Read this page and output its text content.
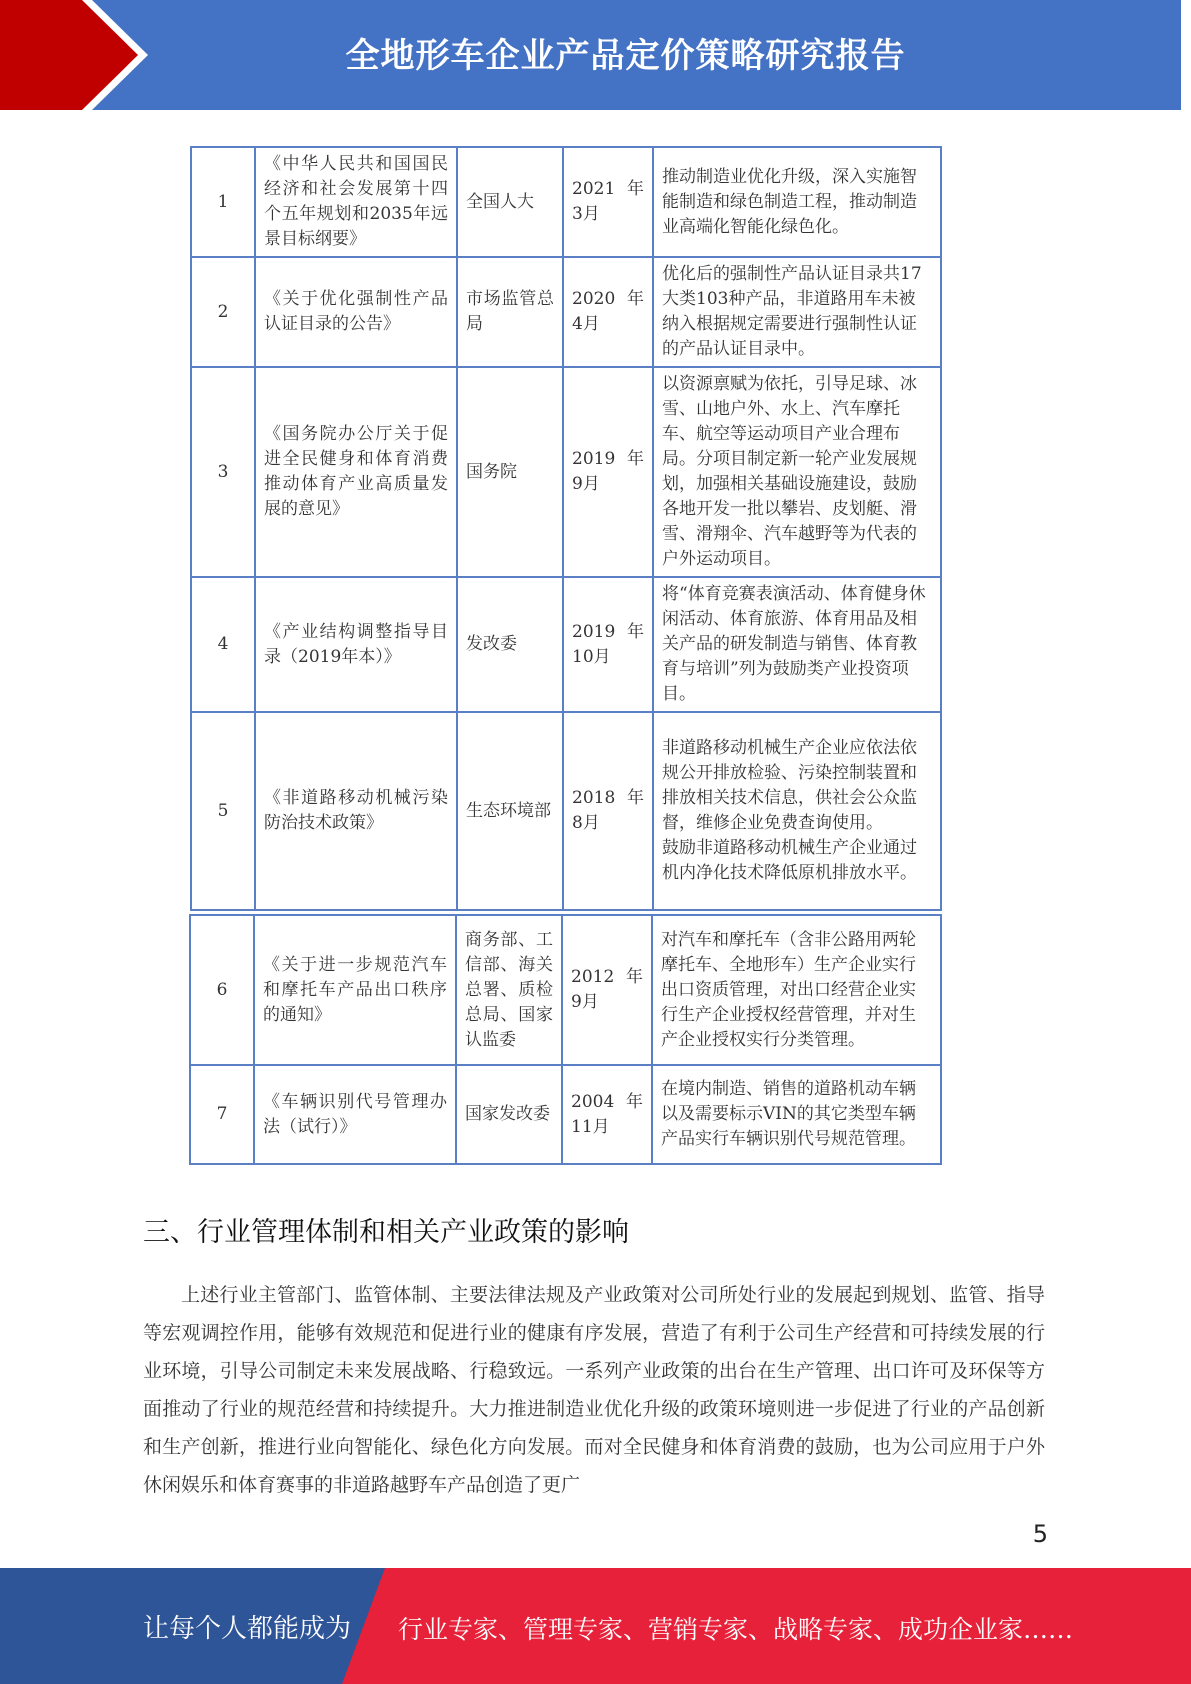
全地形车企业产品定价策略研究报告
1	《中华人民共和国国民经济和社会发展第十四个五年规划和2035年远景目标纲要》	全国人大	2021 年 3月	推动制造业优化升级，深入实施智能制造和绿色制造工程，推动制造业高端化智能化绿色化。
2	《关于优化强制性产品认证目录的公告》	市场监管总局	2020 年 4月	优化后的强制性产品认证目录共17大类103种产品，非道路用车未被纳入根据规定需要进行强制性认证的产品认证目录中。
3	《国务院办公厅关于促进全民健身和体育消费推动体育产业高质量发展的意见》	国务院	2019 年 9月	以资源禀赋为依托，引导足球、冰雪、山地户外、水上、汽车摩托车、航空等运动项目产业合理布局。分项目制定新一轮产业发展规划，加强相关基础设施建设，鼓励各地开发一批以攀岩、皮划艇、滑雪、滑翔伞、汽车越野等为代表的户外运动项目。
4	《产业结构调整指导目录（2019年本）》	发改委	2019 年 10月	将“体育竞赛表演活动、体育健身休闲活动、体育旅游、体育用品及相关产品的研发制造与销售、体育教育与培训”列为鼓励类产业投资项目。
5	《非道路移动机械污染防治技术政策》	生态环境部	2018 年 8月	非道路移动机械生产企业应依法依规公开排放检验、污染控制装置和排放相关技术信息，供社会公众监督，维修企业免费查询使用。
鼓励非道路移动机械生产企业通过机内净化技术降低原机排放水平。
6	《关于进一步规范汽车和摩托车产品出口秩序的通知》	商务部、工信部、海关总署、质检总局、国家认监委	2012 年 9月	对汽车和摩托车（含非公路用两轮摩托车、全地形车）生产企业实行出口资质管理，对出口经营企业实行生产企业授权经营管理，并对生产企业授权实行分类管理。
7	《车辆识别代号管理办法（试行）》	国家发改委	2004 年 11月	在境内制造、销售的道路机动车辆以及需要标示VIN的其它类型车辆产品实行车辆识别代号规范管理。
三、行业管理体制和相关产业政策的影响
上述行业主管部门、监管体制、主要法律法规及产业政策对公司所处行业的发展起到规划、监管、指导等宏观调控作用，能够有效规范和促进行业的健康有序发展，营造了有利于公司生产经营和可持续发展的行业环境，引导公司制定未来发展战略、行稳致远。一系列产业政策的出台在生产管理、出口许可及环保等方面推动了行业的规范经营和持续提升。大力推进制造业优化升级的政策环境则进一步促进了行业的产品创新和生产创新，推进行业向智能化、绿色化方向发展。而对全民健身和体育消费的鼓励，也为公司应用于户外休闲娱乐和体育赛事的非道路越野车产品创造了更广
5
让每个人都能成为 行业专家、管理专家、营销专家、战略专家、成功企业家……
